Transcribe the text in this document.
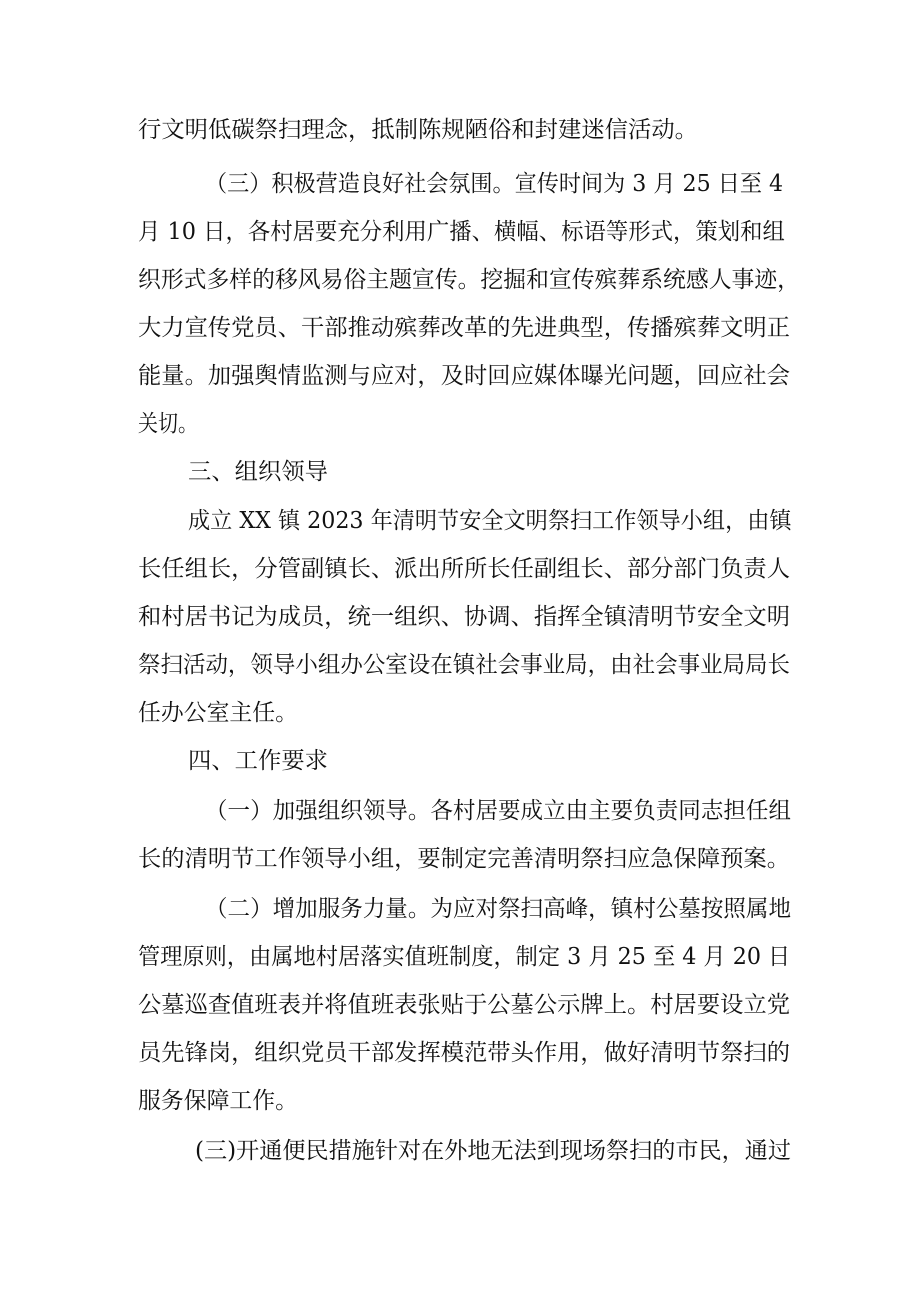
行文明低碳祭扫理念，抵制陈规陋俗和封建迷信活动。

（三）积极营造良好社会氛围。宣传时间为 3 月 25 日至 4

月 10 日，各村居要充分利用广播、横幅、标语等形式，策划和组

织形式多样的移风易俗主题宣传。挖掘和宣传殡葬系统感人事迹，

大力宣传党员、干部推动殡葬改革的先进典型，传播殡葬文明正

能量。加强舆情监测与应对，及时回应媒体曝光问题，回应社会

关切。

三、组织领导

成立 XX 镇 2023 年清明节安全文明祭扫工作领导小组，由镇

长任组长，分管副镇长、派出所所长任副组长、部分部门负责人

和村居书记为成员，统一组织、协调、指挥全镇清明节安全文明

祭扫活动，领导小组办公室设在镇社会事业局，由社会事业局局长

任办公室主任。

四、工作要求

（一）加强组织领导。各村居要成立由主要负责同志担任组

长的清明节工作领导小组，要制定完善清明祭扫应急保障预案。

（二）增加服务力量。为应对祭扫高峰，镇村公墓按照属地

管理原则，由属地村居落实值班制度，制定 3 月 25 至 4 月 20 日

公墓巡查值班表并将值班表张贴于公墓公示牌上。村居要设立党

员先锋岗，组织党员干部发挥模范带头作用，做好清明节祭扫的

服务保障工作。

(三)开通便民措施针对在外地无法到现场祭扫的市民，通过
